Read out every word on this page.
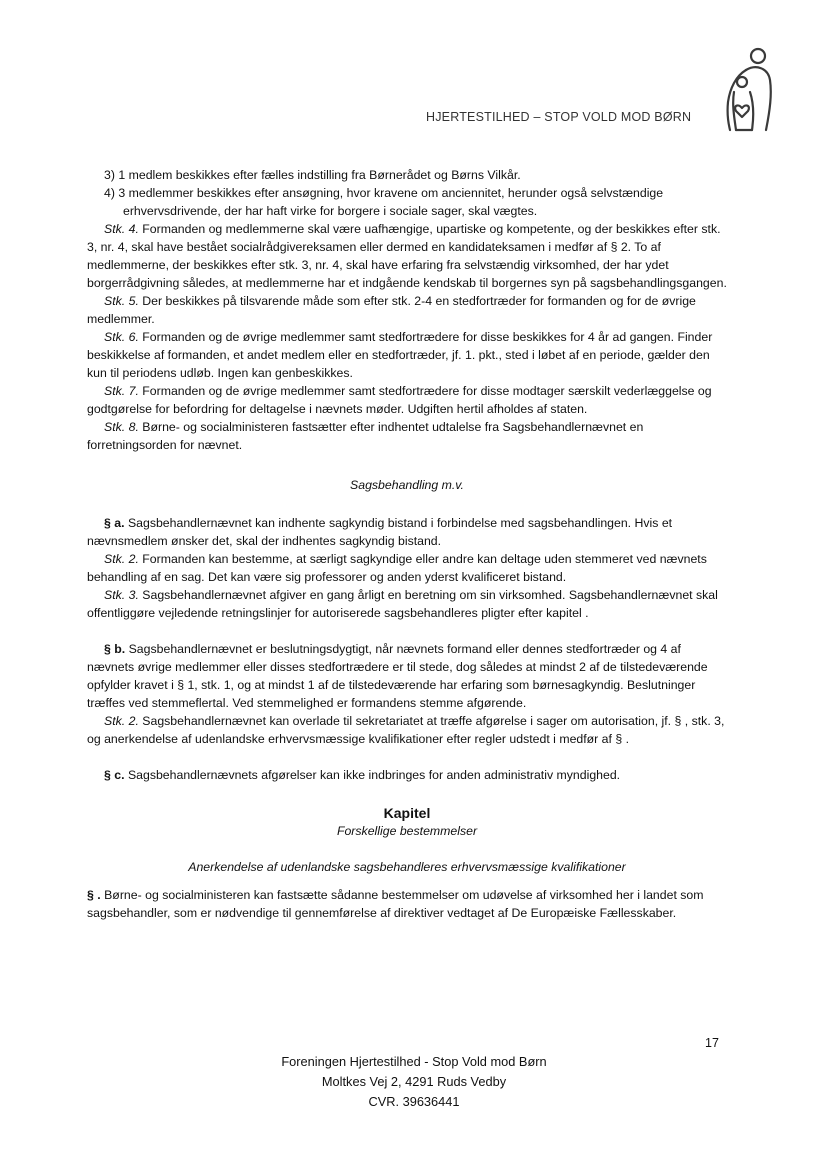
HJERTESTILHED – STOP VOLD MOD BØRN

3) 1 medlem beskikkes efter fælles indstilling fra Børnerådet og Børns Vilkår.

4) 3 medlemmer beskikkes efter ansøgning, hvor kravene om anciennitet, herunder også selvstændige

erhvervsdrivende, der har haft virke for borgere i sociale sager, skal vægtes.

Stk. 4. Formanden og medlemmerne skal være uafhængige, upartiske og kompetente, og der beskikkes efter stk. 3, nr. 4, skal have bestået socialrådgivereksamen eller dermed en kandidateksamen i medfør af § 2. To af medlemmerne, der beskikkes efter stk. 3, nr. 4, skal have erfaring fra selvstændig virksomhed, der har ydet borgerrådgivning således, at medlemmerne har et indgående kendskab til borgernes syn på sagsbehandlingsgangen.

Stk. 5. Der beskikkes på tilsvarende måde som efter stk. 2-4 en stedfortræder for formanden og for de øvrige medlemmer.

Stk. 6. Formanden og de øvrige medlemmer samt stedfortrædere for disse beskikkes for 4 år ad gangen. Finder beskikkelse af formanden, et andet medlem eller en stedfortræder, jf. 1. pkt., sted i løbet af en periode, gælder den kun til periodens udløb. Ingen kan genbeskikkes.

Stk. 7. Formanden og de øvrige medlemmer samt stedfortrædere for disse modtager særskilt vederlæggelse og godtgørelse for befordring for deltagelse i nævnets møder. Udgiften hertil afholdes af staten.

Stk. 8. Børne- og socialministeren fastsætter efter indhentet udtalelse fra Sagsbehandlernævnet en forretningsorden for nævnet.

Sagsbehandling m.v.

§ a. Sagsbehandlernævnet kan indhente sagkyndig bistand i forbindelse med sagsbehandlingen. Hvis et nævnsmedlem ønsker det, skal der indhentes sagkyndig bistand.

Stk. 2. Formanden kan bestemme, at særligt sagkyndige eller andre kan deltage uden stemmeret ved nævnets behandling af en sag. Det kan være sig professorer og anden yderst kvalificeret bistand.

Stk. 3. Sagsbehandlernævnet afgiver en gang årligt en beretning om sin virksomhed. Sagsbehandlernævnet skal offentliggøre vejledende retningslinjer for autoriserede sagsbehandleres pligter efter kapitel .

§ b. Sagsbehandlernævnet er beslutningsdygtigt, når nævnets formand eller dennes stedfortræder og 4 af nævnets øvrige medlemmer eller disses stedfortrædere er til stede, dog således at mindst 2 af de tilstedeværende opfylder kravet i § 1, stk. 1, og at mindst 1 af de tilstedeværende har erfaring som børnesagkyndig. Beslutninger træffes ved stemmeflertal. Ved stemmelighed er formandens stemme afgørende.

Stk. 2. Sagsbehandlernævnet kan overlade til sekretariatet at træffe afgørelse i sager om autorisation, jf. § , stk. 3, og anerkendelse af udenlandske erhvervsmæssige kvalifikationer efter regler udstedt i medfør af § .

§ c. Sagsbehandlernævnets afgørelser kan ikke indbringes for anden administrativ myndighed.

Kapitel

Forskellige bestemmelser

Anerkendelse af udenlandske sagsbehandleres erhvervsmæssige kvalifikationer

§ . Børne- og socialministeren kan fastsætte sådanne bestemmelser om udøvelse af virksomhed her i landet som sagsbehandler, som er nødvendige til gennemførelse af direktiver vedtaget af De Europæiske Fællesskaber.

17
Foreningen Hjertestilhed - Stop Vold mod Børn
Moltkes Vej 2, 4291 Ruds Vedby
CVR. 39636441
